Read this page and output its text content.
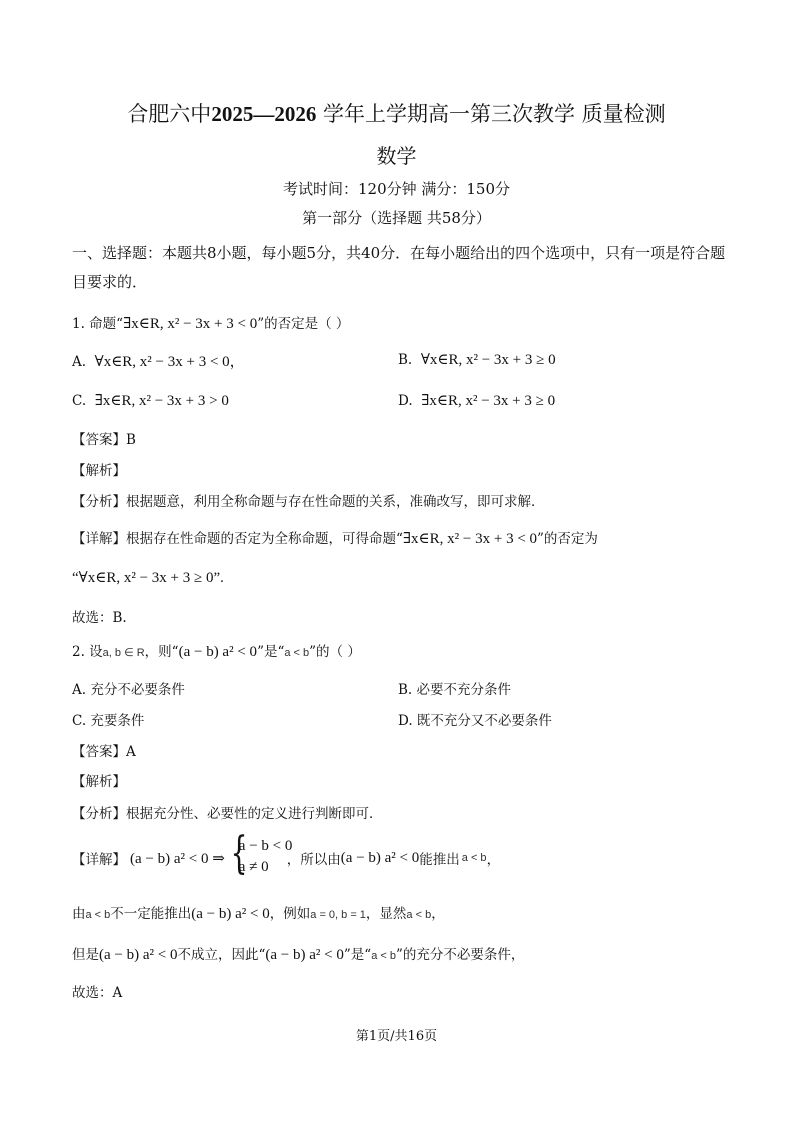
合肥六中2025—2026 学年上学期高一第三次教学 质量检测
数学
考试时间：120分钟 满分：150分
第一部分（选择题 共58分）
一、选择题：本题共8小题，每小题5分，共40分．在每小题给出的四个选项中，只有一项是符合题目要求的．
1. 命题“∃x∈R, x² − 3x + 3 < 0”的否定是（ ）
A. ∀x∈R, x² − 3x + 3 < 0，	B. ∀x∈R, x² − 3x + 3 ≥ 0
C. ∃x∈R, x² − 3x + 3 > 0	D. ∃x∈R, x² − 3x + 3 ≥ 0
【答案】B
【解析】
【分析】根据题意，利用全称命题与存在性命题的关系，准确改写，即可求解．
【详解】根据存在性命题的否定为全称命题，可得命题“∃x∈R, x² − 3x + 3 < 0”的否定为
“∀x∈R, x² − 3x + 3 ≥ 0”.
故选：B.
2. 设a, b ∈ R，则“(a − b) a² < 0”是“a < b”的（ ）
A. 充分不必要条件	B. 必要不充分条件
C. 充要条件	D. 既不充分又不必要条件
【答案】A
【解析】
【分析】根据充分性、必要性的定义进行判断即可．
【详解】 (a − b) a² < 0 ⇒ {
a − b < 0
a ≠ 0 ，所以由 (a − b) a² < 0 能推出 a < b ，
由a < b不一定能推出(a − b) a² < 0，例如a = 0, b = 1，显然a < b，
但是(a − b) a² < 0不成立，因此“(a − b) a² < 0”是“a < b”的充分不必要条件，
故选：A
第1页/共16页
